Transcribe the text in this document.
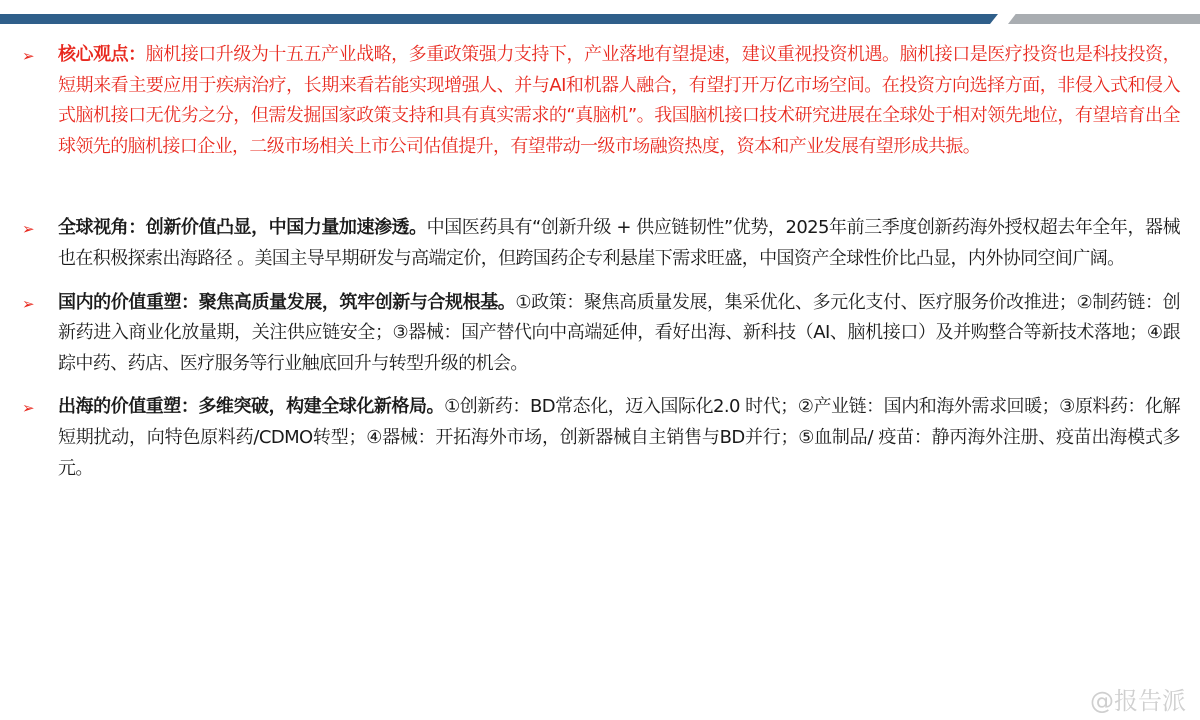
➢ 核心观点：脑机接口升级为十五五产业战略，多重政策强力支持下，产业落地有望提速，建议重视投资机遇。脑机接口是医疗投资也是科技投资，短期来看主要应用于疾病治疗，长期来看若能实现增强人、并与AI和机器人融合，有望打开万亿市场空间。在投资方向选择方面，非侵入式和侵入式脑机接口无优劣之分，但需发掘国家政策支持和具有真实需求的“真脑机”。我国脑机接口技术研究进展在全球处于相对领先地位，有望培育出全球领先的脑机接口企业，二级市场相关上市公司估值提升，有望带动一级市场融资热度，资本和产业发展有望形成共振。
➢ 全球视角：创新价值凸显，中国力量加速渗透。中国医药具有“创新升级 + 供应链韧性”优势，2025年前三季度创新药海外授权超去年全年，器械也在积极探索出海路径 。美国主导早期研发与高端定价，但跨国药企专利悬崖下需求旺盛，中国资产全球性价比凸显，内外协同空间广阔。
➢ 国内的价值重塑：聚焦高质量发展，筑牢创新与合规根基。①政策：聚焦高质量发展，集采优化、多元化支付、医疗服务价改推进；②制药链：创新药进入商业化放量期，关注供应链安全；③器械：国产替代向中高端延伸，看好出海、新科技（AI、脑机接口）及并购整合等新技术落地；④跟踪中药、药店、医疗服务等行业触底回升与转型升级的机会。
➢ 出海的价值重塑：多维突破，构建全球化新格局。①创新药：BD常态化，迈入国际化2.0 时代；②产业链：国内和海外需求回暖；③原料药：化解短期扰动，向特色原料药/CDMO转型；④器械：开拓海外市场，创新器械自主销售与BD并行；⑤血制品/ 疫苗：静丙海外注册、疫苗出海模式多元。
@报告派
